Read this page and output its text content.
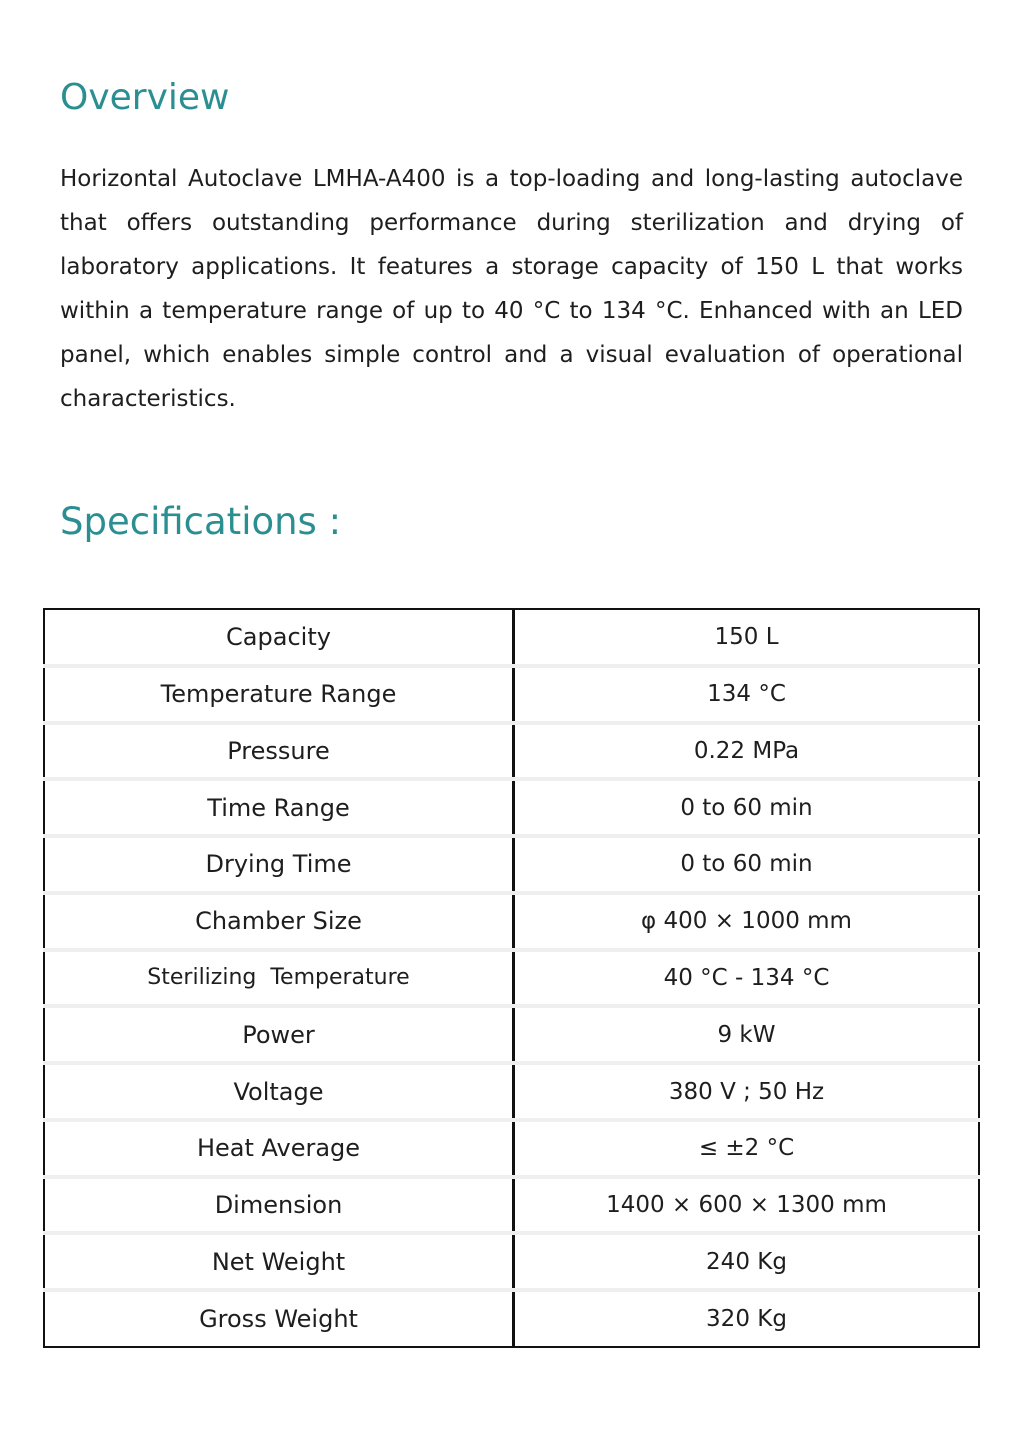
Overview

Horizontal Autoclave LMHA-A400 is a top-loading and long-lasting autoclave that offers outstanding performance during sterilization and drying of laboratory applications. It features a storage capacity of 150 L that works within a temperature range of up to 40 °C to 134 °C. Enhanced with an LED panel, which enables simple control and a visual evaluation of operational characteristics.

Specifications :
Capacity	150 L
Temperature Range	134 °C
Pressure	0.22 MPa
Time Range	0 to 60 min
Drying Time	0 to 60 min
Chamber Size	φ 400 × 1000 mm
Sterilizing  Temperature	40 °C - 134 °C
Power	9 kW
Voltage	380 V ; 50 Hz
Heat Average	≤ ±2 °C
Dimension	1400 × 600 × 1300 mm
Net Weight	240 Kg
Gross Weight	320 Kg
